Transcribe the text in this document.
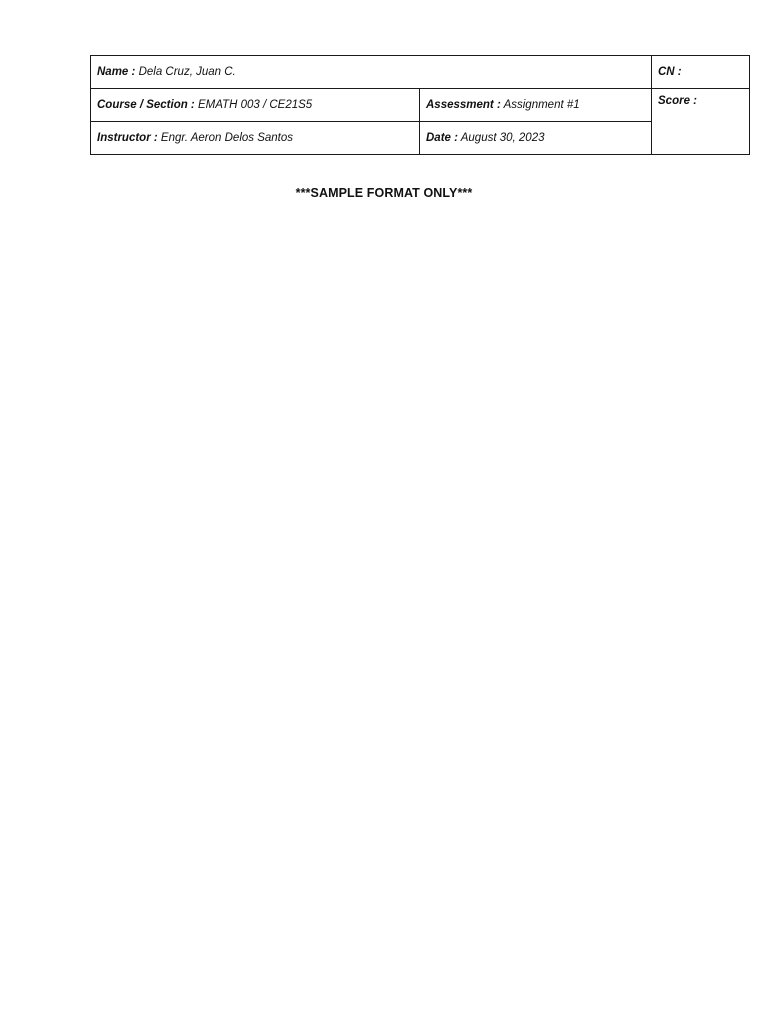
Name : Dela Cruz, Juan C.		CN :
Course / Section : EMATH 003 / CE21S5	Assessment : Assignment #1	Score :
Instructor : Engr. Aeron Delos Santos	Date : August 30, 2023	
***SAMPLE FORMAT ONLY***
